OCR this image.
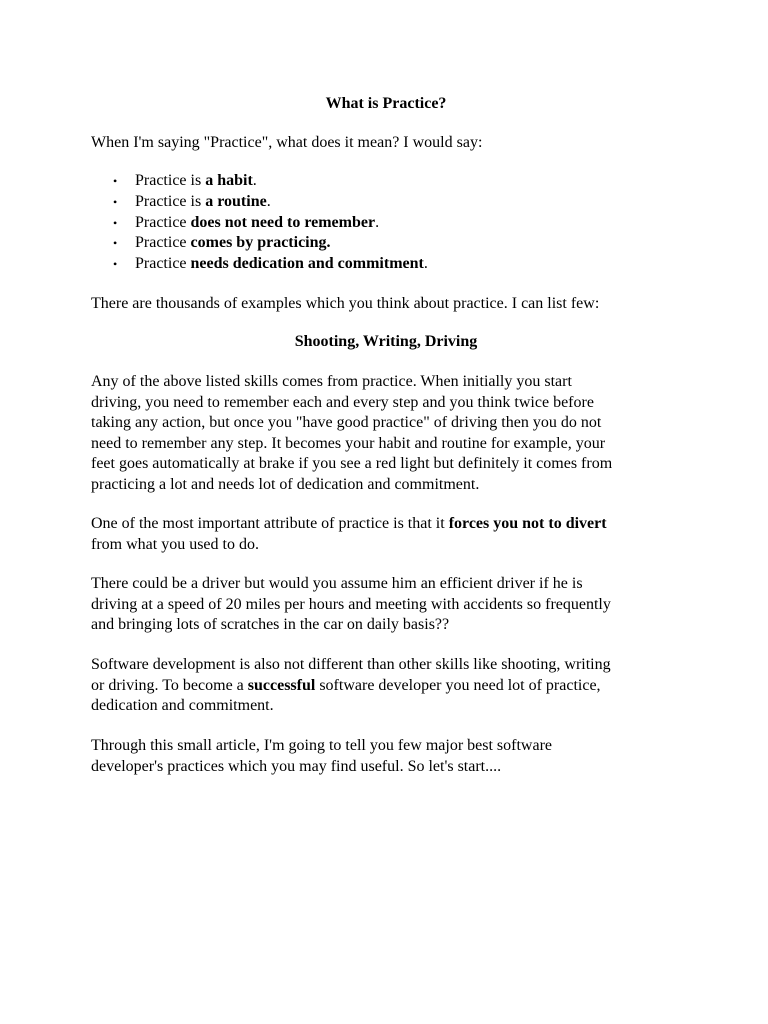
What is Practice?
When I'm saying "Practice", what does it mean? I would say:
• Practice is a habit.
• Practice is a routine.
• Practice does not need to remember.
• Practice comes by practicing.
• Practice needs dedication and commitment.
There are thousands of examples which you think about practice. I can list few:
Shooting, Writing, Driving
Any of the above listed skills comes from practice. When initially you start
driving, you need to remember each and every step and you think twice before
taking any action, but once you "have good practice" of driving then you do not
need to remember any step. It becomes your habit and routine for example, your
feet goes automatically at brake if you see a red light but definitely it comes from
practicing a lot and needs lot of dedication and commitment.
One of the most important attribute of practice is that it forces you not to divert
from what you used to do.
There could be a driver but would you assume him an efficient driver if he is
driving at a speed of 20 miles per hours and meeting with accidents so frequently
and bringing lots of scratches in the car on daily basis??
Software development is also not different than other skills like shooting, writing
or driving. To become a successful software developer you need lot of practice,
dedication and commitment.
Through this small article, I'm going to tell you few major best software
developer's practices which you may find useful. So let's start....
